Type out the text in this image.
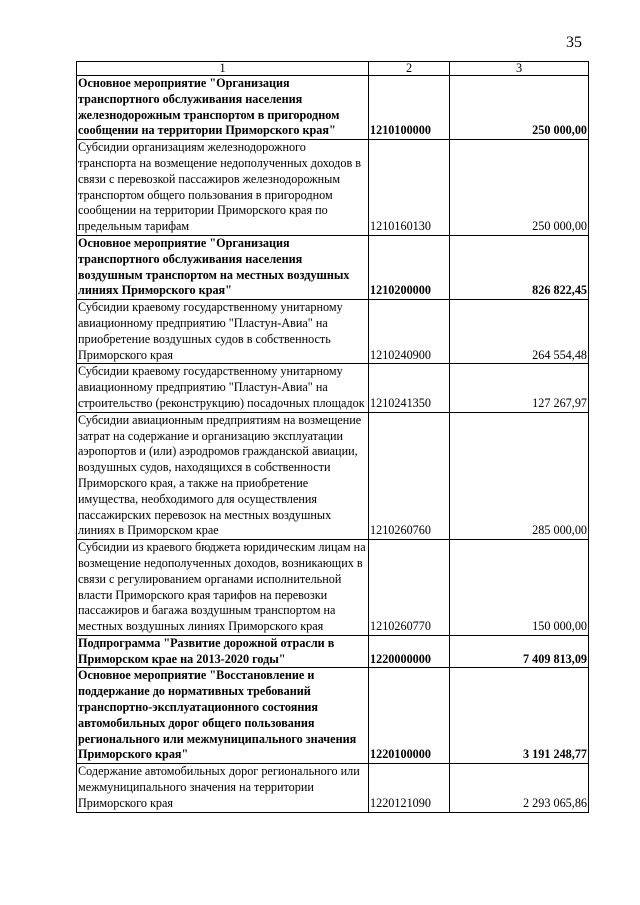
35
1	2	3
Основное мероприятие "Организация транспортного обслуживания населения железнодорожным транспортом в пригородном сообщении на территории Приморского края"	1210100000	250 000,00
Субсидии организациям железнодорожного транспорта на возмещение недополученных доходов в связи с перевозкой пассажиров железнодорожным транспортом общего пользования в пригородном сообщении на территории Приморского края по предельным тарифам	1210160130	250 000,00
Основное мероприятие "Организация транспортного обслуживания населения воздушным транспортом на местных воздушных линиях Приморского края"	1210200000	826 822,45
Субсидии краевому государственному унитарному авиационному предприятию "Пластун-Авиа" на приобретение воздушных судов в собственность Приморского края	1210240900	264 554,48
Субсидии краевому государственному унитарному авиационному предприятию "Пластун-Авиа" на строительство (реконструкцию) посадочных площадок	1210241350	127 267,97
Субсидии авиационным предприятиям на возмещение затрат на содержание и организацию эксплуатации аэропортов и (или) аэродромов гражданской авиации, воздушных судов, находящихся в собственности Приморского края, а также на приобретение имущества, необходимого для осуществления пассажирских перевозок на местных воздушных линиях в Приморском крае	1210260760	285 000,00
Субсидии из краевого бюджета юридическим лицам на возмещение недополученных доходов, возникающих в связи с регулированием органами исполнительной власти Приморского края тарифов на перевозки пассажиров и багажа воздушным транспортом на местных воздушных линиях Приморского края	1210260770	150 000,00
Подпрограмма "Развитие дорожной отрасли в Приморском крае на 2013-2020 годы"	1220000000	7 409 813,09
Основное мероприятие "Восстановление и поддержание до нормативных требований транспортно-эксплуатационного состояния автомобильных дорог общего пользования регионального или межмуниципального значения Приморского края"	1220100000	3 191 248,77
Содержание автомобильных дорог регионального или межмуниципального значения на территории Приморского края	1220121090	2 293 065,86
